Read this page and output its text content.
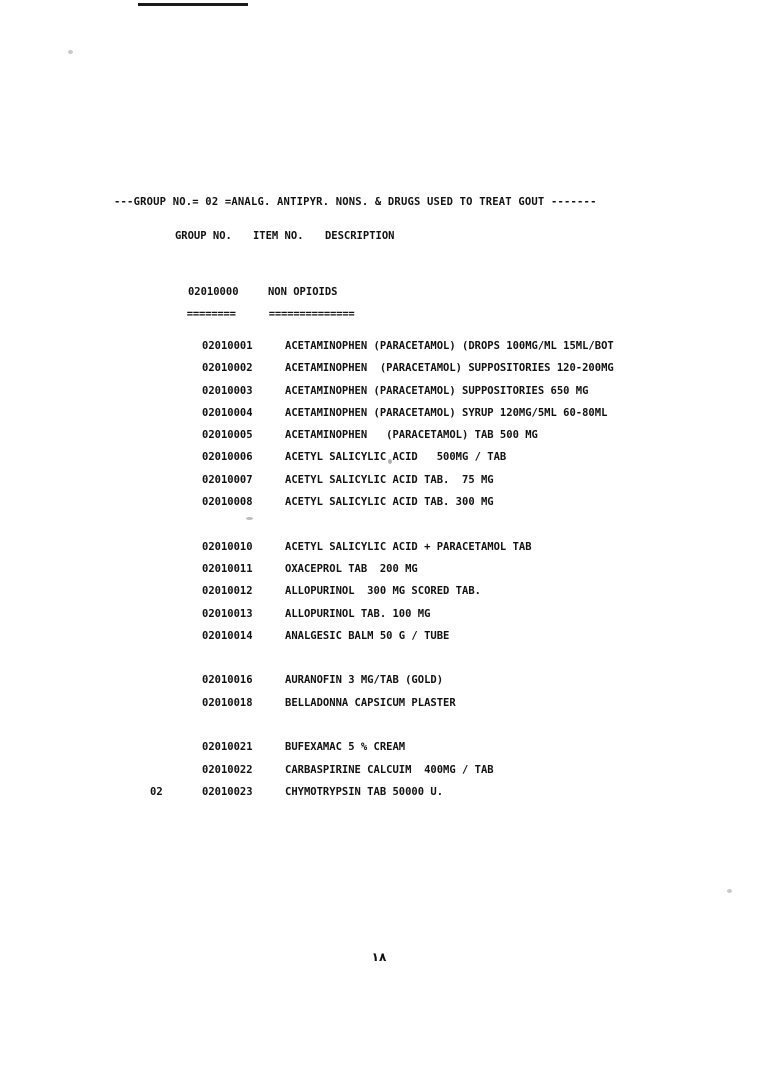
---GROUP NO.= 02 =ANALG. ANTIPYR. NONS. & DRUGS USED TO TREAT GOUT -------

GROUP NO. ITEM NO. DESCRIPTION

02010000	NON OPIOIDS

========	==============

02010001	ACETAMINOPHEN (PARACETAMOL) (DROPS 100MG/ML 15ML/BOT
02010002	ACETAMINOPHEN  (PARACETAMOL) SUPPOSITORIES 120-200MG
02010003	ACETAMINOPHEN (PARACETAMOL) SUPPOSITORIES 650 MG
02010004	ACETAMINOPHEN (PARACETAMOL) SYRUP 120MG/5ML 60-80ML
02010005	ACETAMINOPHEN   (PARACETAMOL) TAB 500 MG
02010006	ACETYL SALICYLIC ACID   500MG / TAB
02010007	ACETYL SALICYLIC ACID TAB.  75 MG
02010008	ACETYL SALICYLIC ACID TAB. 300 MG
02010010	ACETYL SALICYLIC ACID + PARACETAMOL TAB
02010011	OXACEPROL TAB  200 MG
02010012	ALLOPURINOL  300 MG SCORED TAB.
02010013	ALLOPURINOL TAB. 100 MG
02010014	ANALGESIC BALM 50 G / TUBE
02010016	AURANOFIN 3 MG/TAB (GOLD)
02010018	BELLADONNA CAPSICUM PLASTER
02010021	BUFEXAMAC 5 % CREAM
02010022	CARBASPIRINE CALCUIM  400MG / TAB
02	02010023	CHYMOTRYPSIN TAB 50000 U.
١٨
